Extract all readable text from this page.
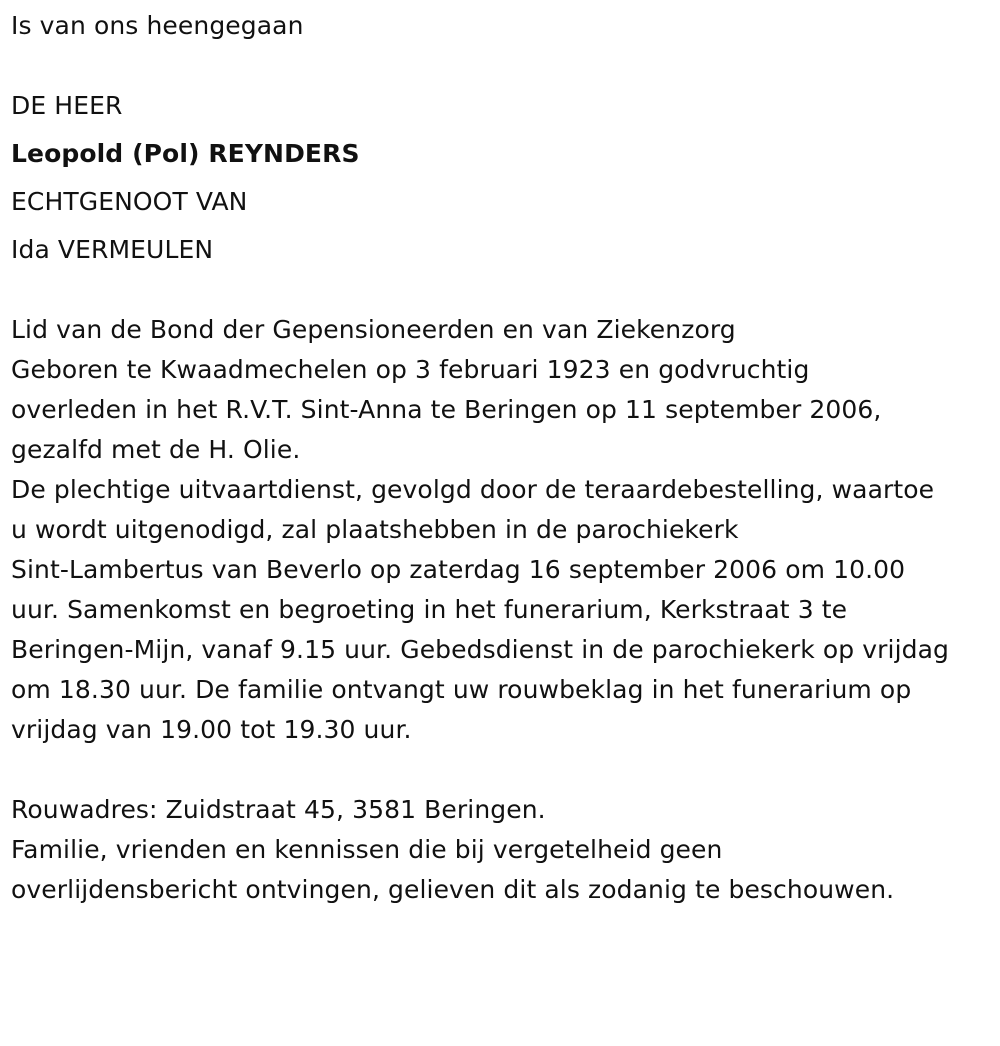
Is van ons heengegaan
DE HEER
Leopold (Pol) REYNDERS
ECHTGENOOT VAN
Ida VERMEULEN
Lid van de Bond der Gepensioneerden en van Ziekenzorg
Geboren te Kwaadmechelen op 3 februari 1923 en godvruchtig
overleden in het R.V.T. Sint-Anna te Beringen op 11 september 2006,
gezalfd met de H. Olie.
De plechtige uitvaartdienst, gevolgd door de teraardebestelling, waartoe
u wordt uitgenodigd, zal plaatshebben in de parochiekerk
Sint-Lambertus van Beverlo op zaterdag 16 september 2006 om 10.00
uur. Samenkomst en begroeting in het funerarium, Kerkstraat 3 te
Beringen-Mijn, vanaf 9.15 uur. Gebedsdienst in de parochiekerk op vrijdag
om 18.30 uur. De familie ontvangt uw rouwbeklag in het funerarium op
vrijdag van 19.00 tot 19.30 uur.
Rouwadres: Zuidstraat 45, 3581 Beringen.
Familie, vrienden en kennissen die bij vergetelheid geen
overlijdensbericht ontvingen, gelieven dit als zodanig te beschouwen.
